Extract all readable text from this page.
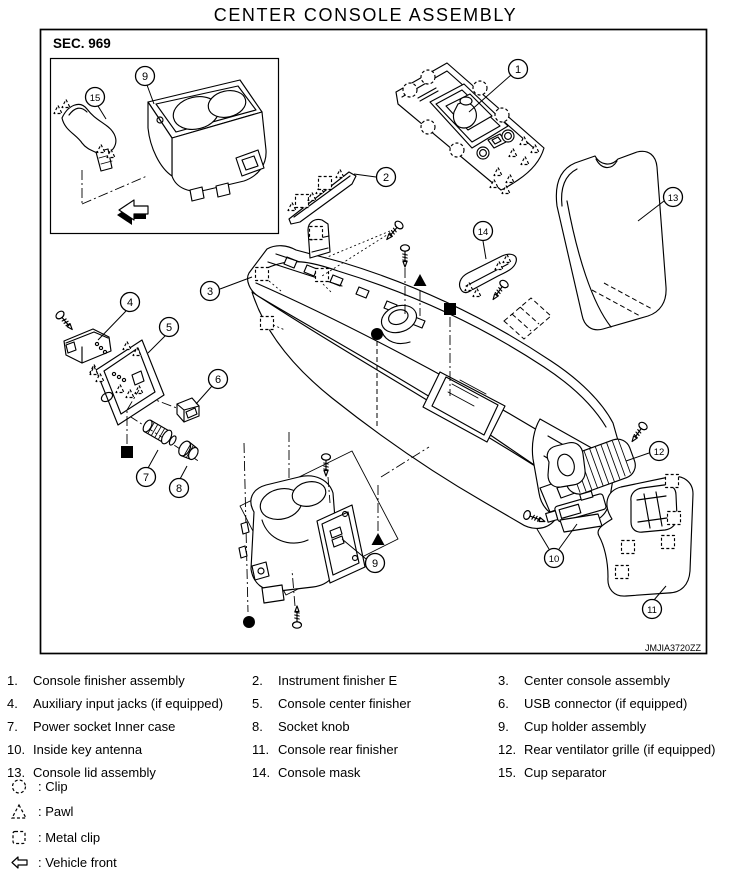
CENTER CONSOLE ASSEMBLY
SEC. 969
JMJIA3720ZZ
1
2
3
4
5
6
7
8
9
9
10
11
12
13
14
15
1.	Console finisher assembly	2.	Instrument finisher E	3.	Center console assembly
4.	Auxiliary input jacks (if equipped)	5.	Console center finisher	6.	USB connector (if equipped)
7.	Power socket Inner case	8.	Socket knob	9.	Cup holder assembly
10. Inside key antenna	11. Console rear finisher	12. Rear ventilator grille (if equipped)
13. Console lid assembly	14. Console mask	15. Cup separator
: Clip
: Pawl
: Metal clip
: Vehicle front
